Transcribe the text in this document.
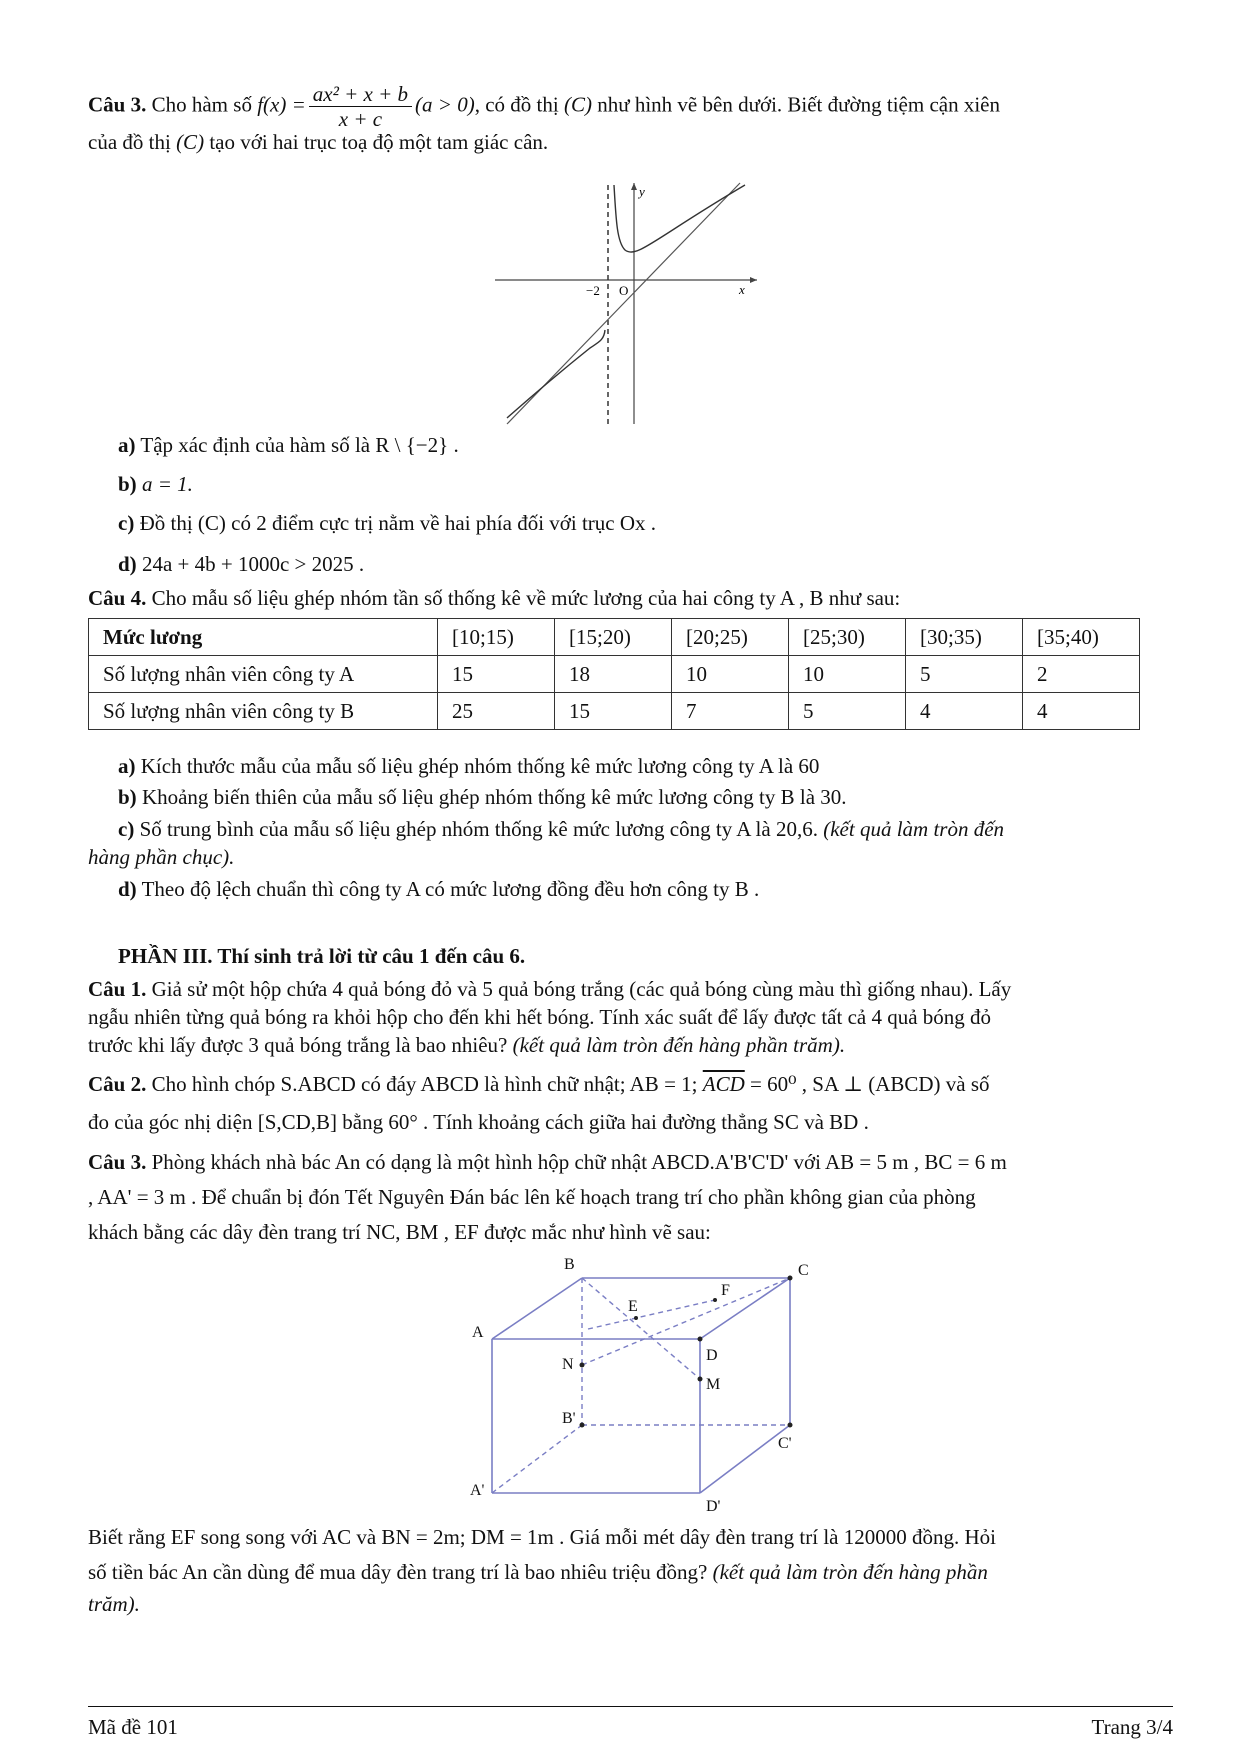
Câu 3. Cho hàm số $f(x) = \frac{\text{ax² + x + b}}{x + c} (a > 0)$, có đồ thị (C) như hình vẽ bên dưới. Biết đường tiệm cận xiên
của đồ thị (C) tạo với hai trục toạ độ một tam giác cân.
y
x
O
−2
a) Tập xác định của hàm số là R \ {−2} .
b) a = 1.
c) Đồ thị (C) có 2 điểm cực trị nằm về hai phía đối với trục Ox .
d) 24a + 4b + 1000c > 2025 .
Câu 4. Cho mẫu số liệu ghép nhóm tần số thống kê về mức lương của hai công ty A , B như sau:
Mức lương	[10;15)	[15;20)	[20;25)	[25;30)	[30;35)	[35;40)
Số lượng nhân viên công ty A	15	18	10	10	5	2
Số lượng nhân viên công ty B	25	15	7	5	4	4
a) Kích thước mẫu của mẫu số liệu ghép nhóm thống kê mức lương công ty A là 60
b) Khoảng biến thiên của mẫu số liệu ghép nhóm thống kê mức lương công ty B là 30.
c) Số trung bình của mẫu số liệu ghép nhóm thống kê mức lương công ty A là 20,6. (kết quả làm tròn đến
hàng phần chục).
d) Theo độ lệch chuẩn thì công ty A có mức lương đồng đều hơn công ty B .
PHẦN III. Thí sinh trả lời từ câu 1 đến câu 6.
Câu 1. Giả sử một hộp chứa 4 quả bóng đỏ và 5 quả bóng trắng (các quả bóng cùng màu thì giống nhau). Lấy
ngẫu nhiên từng quả bóng ra khỏi hộp cho đến khi hết bóng. Tính xác suất để lấy được tất cả 4 quả bóng đỏ
trước khi lấy được 3 quả bóng trắng là bao nhiêu? (kết quả làm tròn đến hàng phần trăm).
Câu 2. Cho hình chóp S.ABCD có đáy ABCD là hình chữ nhật; AB = 1; $\overline{ACD} = 60^0$ , SA ⊥ (ABCD) và số
đo của góc nhị diện [S,CD,B] bằng 60° . Tính khoảng cách giữa hai đường thẳng SC và BD .
Câu 3. Phòng khách nhà bác An có dạng là một hình hộp chữ nhật ABCD.A'B'C'D' với AB = 5 m , BC = 6 m
, AA' = 3 m . Để chuẩn bị đón Tết Nguyên Đán bác lên kế hoạch trang trí cho phần không gian của phòng
khách bằng các dây đèn trang trí NC, BM , EF được mắc như hình vẽ sau:
B	C
A
D
E
F
N
M
B'
C'
A'
D'
Biết rằng EF song song với AC và BN = 2m; DM = 1m . Giá mỗi mét dây đèn trang trí là 120000 đồng. Hỏi
số tiền bác An cần dùng để mua dây đèn trang trí là bao nhiêu triệu đồng? (kết quả làm tròn đến hàng phần
trăm).
Mã đề 101	Trang 3/4
